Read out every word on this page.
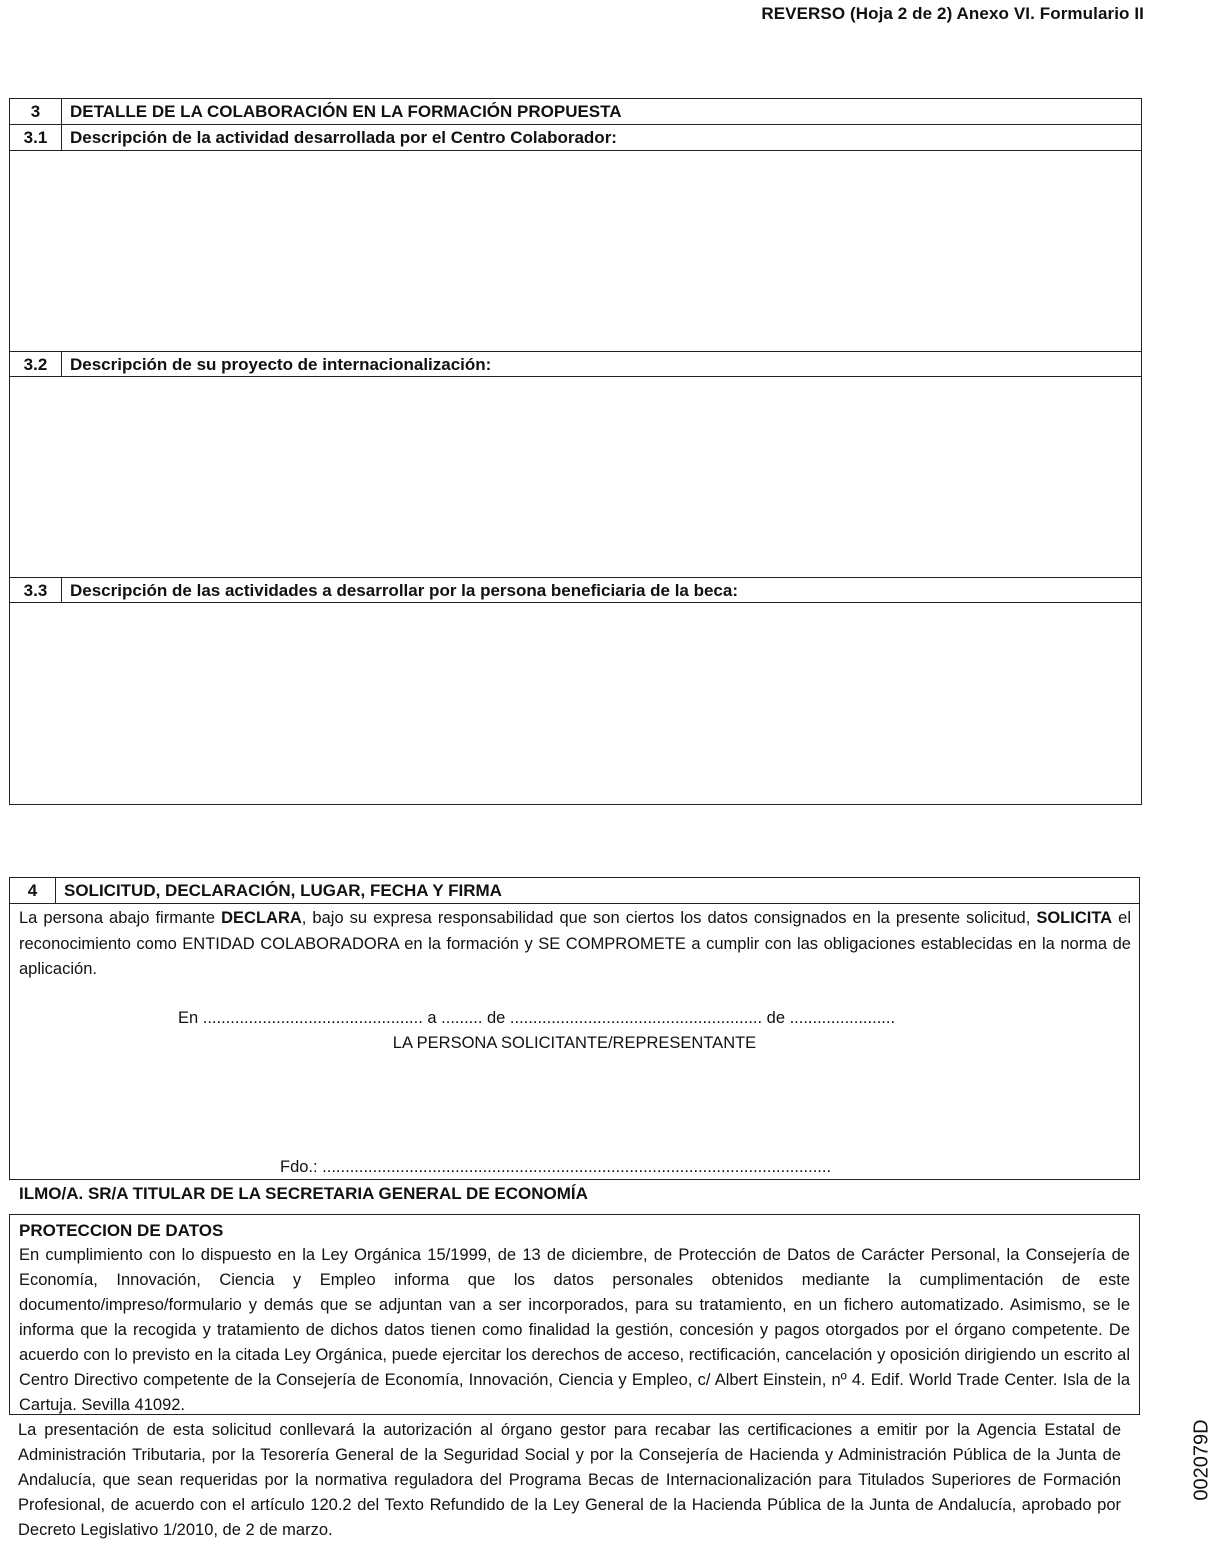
REVERSO (Hoja 2 de 2) Anexo VI. Formulario II
3	DETALLE DE LA COLABORACIÓN EN LA FORMACIÓN PROPUESTA
3.1	Descripción de la actividad desarrollada por el Centro Colaborador:
3.2	Descripción de su proyecto de internacionalización:
3.3	Descripción de las actividades a desarrollar por la persona beneficiaria de la beca:
4	SOLICITUD, DECLARACIÓN, LUGAR, FECHA Y FIRMA
La persona abajo firmante DECLARA, bajo su expresa responsabilidad que son ciertos los datos consignados en la presente solicitud, SOLICITA el reconocimiento como ENTIDAD COLABORADORA en la formación y SE COMPROMETE a cumplir con las obligaciones establecidas en la norma de aplicación.
En ................................................ a ......... de ....................................................... de .......................
LA PERSONA SOLICITANTE/REPRESENTANTE
Fdo.: ...............................................................................................................
ILMO/A. SR/A TITULAR DE LA SECRETARIA GENERAL DE ECONOMÍA
PROTECCION DE DATOS
En cumplimiento con lo dispuesto en la Ley Orgánica 15/1999, de 13 de diciembre, de Protección de Datos de Carácter Personal, la Consejería de Economía, Innovación, Ciencia y Empleo informa que los datos personales obtenidos mediante la cumplimentación de este documento/impreso/formulario y demás que se adjuntan van a ser incorporados, para su tratamiento, en un fichero automatizado. Asimismo, se le informa que la recogida y tratamiento de dichos datos tienen como finalidad la gestión, concesión y pagos otorgados por el órgano competente. De acuerdo con lo previsto en la citada Ley Orgánica, puede ejercitar los derechos de acceso, rectificación, cancelación y oposición dirigiendo un escrito al Centro Directivo competente de la Consejería de Economía, Innovación, Ciencia y Empleo, c/ Albert Einstein, nº 4. Edif. World Trade Center. Isla de la Cartuja. Sevilla 41092.
La presentación de esta solicitud conllevará la autorización al órgano gestor para recabar las certificaciones a emitir por la Agencia Estatal de Administración Tributaria, por la Tesorería General de la Seguridad Social y por la Consejería de Hacienda y Administración Pública de la Junta de Andalucía, que sean requeridas por la normativa reguladora del Programa Becas de Internacionalización para Titulados Superiores de Formación Profesional, de acuerdo con el artículo 120.2 del Texto Refundido de la Ley General de la Hacienda Pública de la Junta de Andalucía, aprobado por Decreto Legislativo 1/2010, de 2 de marzo.
002079D
